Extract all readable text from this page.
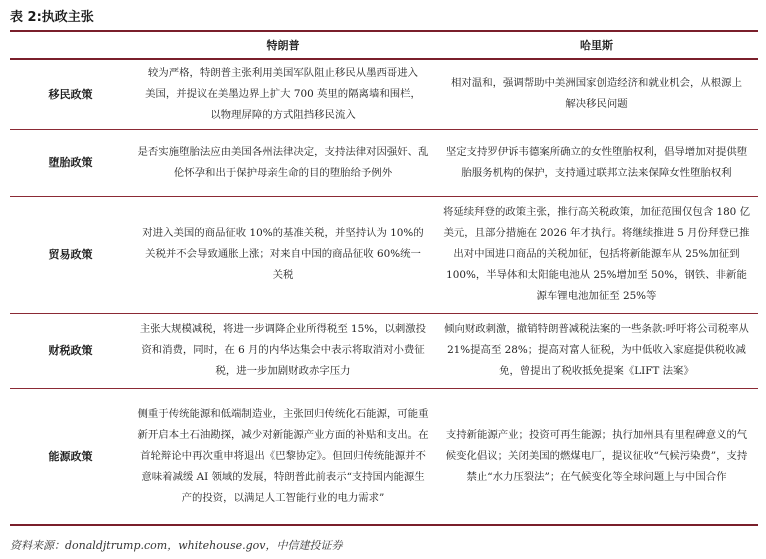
表 2:执政主张
	特朗普	哈里斯
移民政策	较为严格，特朗普主张利用美国军队阻止移民从墨西哥进入美国，并提议在美墨边界上扩大 700 英里的隔离墙和围栏，以物理屏障的方式阻挡移民流入	相对温和，强调帮助中美洲国家创造经济和就业机会，从根源上解决移民问题
堕胎政策	是否实施堕胎法应由美国各州法律决定，支持法律对因强奸、乱伦怀孕和出于保护母亲生命的目的堕胎给予例外	坚定支持罗伊诉韦德案所确立的女性堕胎权利，倡导增加对提供堕胎服务机构的保护，支持通过联邦立法来保障女性堕胎权利
贸易政策	对进入美国的商品征收 10%的基准关税，并坚持认为 10%的关税并不会导致通胀上涨；对来自中国的商品征收 60%统一关税	将延续拜登的政策主张，推行高关税政策，加征范围仅包含 180 亿美元，且部分措施在 2026 年才执行。将继续推进 5 月份拜登已推出对中国进口商品的关税加征，包括将新能源车从 25%加征到 100%，半导体和太阳能电池从 25%增加至 50%，钢铁、非新能源车锂电池加征至 25%等
财税政策	主张大规模减税，将进一步调降企业所得税至 15%，以刺激投资和消费，同时，在 6 月的内华达集会中表示将取消对小费征税，进一步加剧财政赤字压力	倾向财政刺激，撤销特朗普减税法案的一些条款:呼吁将公司税率从 21%提高至 28%；提高对富人征税，为中低收入家庭提供税收减免，曾提出了税收抵免提案《LIFT 法案》
能源政策	侧重于传统能源和低端制造业，主张回归传统化石能源，可能重新开启本土石油勘探，减少对新能源产业方面的补贴和支出。在首轮辩论中再次重申将退出《巴黎协定》。但回归传统能源并不意味着减缓 AI 领域的发展，特朗普此前表示“支持国内能源生产的投资，以满足人工智能行业的电力需求”	支持新能源产业；投资可再生能源；执行加州具有里程碑意义的气候变化倡议；关闭美国的燃煤电厂，提议征收“气候污染费”，支持禁止“水力压裂法”；在气候变化等全球问题上与中国合作
资料来源：donaldjtrump.com，whitehouse.gov，中信建投证券
